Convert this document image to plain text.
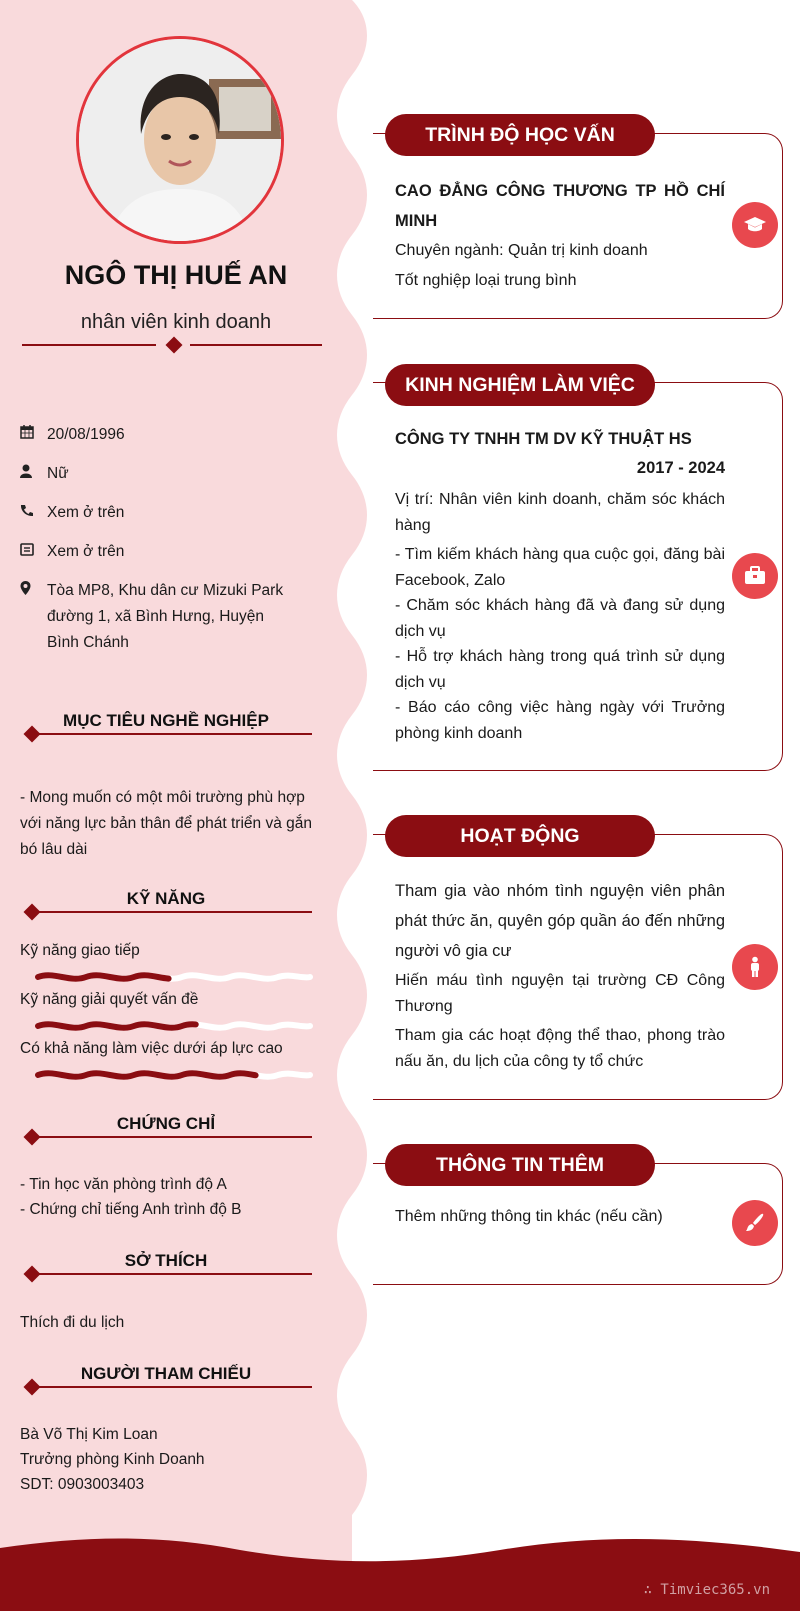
NGÔ THỊ HUẾ AN
nhân viên kinh doanh
20/08/1996
Nữ
Xem ở trên
Xem ở trên
Tòa MP8, Khu dân cư Mizuki Park đường 1, xã Bình Hưng, Huyện Bình Chánh
MỤC TIÊU NGHỀ NGHIỆP
- Mong muốn có một môi trường phù hợp với năng lực bản thân để phát triển và gắn bó lâu dài
KỸ NĂNG
Kỹ năng giao tiếp
Kỹ năng giải quyết vấn đề
Có khả năng làm việc dưới áp lực cao
CHỨNG CHỈ
- Tin học văn phòng trình độ A
- Chứng chỉ tiếng Anh trình độ B
SỞ THÍCH
Thích đi du lịch
NGƯỜI THAM CHIẾU
Bà Võ Thị Kim Loan
Trưởng phòng Kinh Doanh
SDT: 0903003403
TRÌNH ĐỘ HỌC VẤN
CAO ĐẲNG CÔNG THƯƠNG TP HỒ CHÍ MINH
Chuyên ngành: Quản trị kinh doanh
Tốt nghiệp loại trung bình
KINH NGHIỆM LÀM VIỆC
CÔNG TY TNHH TM DV KỸ THUẬT HS
2017 - 2024
Vị trí: Nhân viên kinh doanh, chăm sóc khách hàng
- Tìm kiếm khách hàng qua cuộc gọi, đăng bài Facebook, Zalo
- Chăm sóc khách hàng đã và đang sử dụng dịch vụ
- Hỗ trợ khách hàng trong quá trình sử dụng dịch vụ
- Báo cáo công việc hàng ngày với Trưởng phòng kinh doanh
HOẠT ĐỘNG
Tham gia vào nhóm tình nguyện viên phân phát thức ăn, quyên góp quần áo đến những người vô gia cư
Hiến máu tình nguyện tại trường CĐ Công Thương
Tham gia các hoạt động thể thao, phong trào nấu ăn, du lịch của công ty tổ chức
THÔNG TIN THÊM
Thêm những thông tin khác (nếu cần)
∴ Timviec365.vn
